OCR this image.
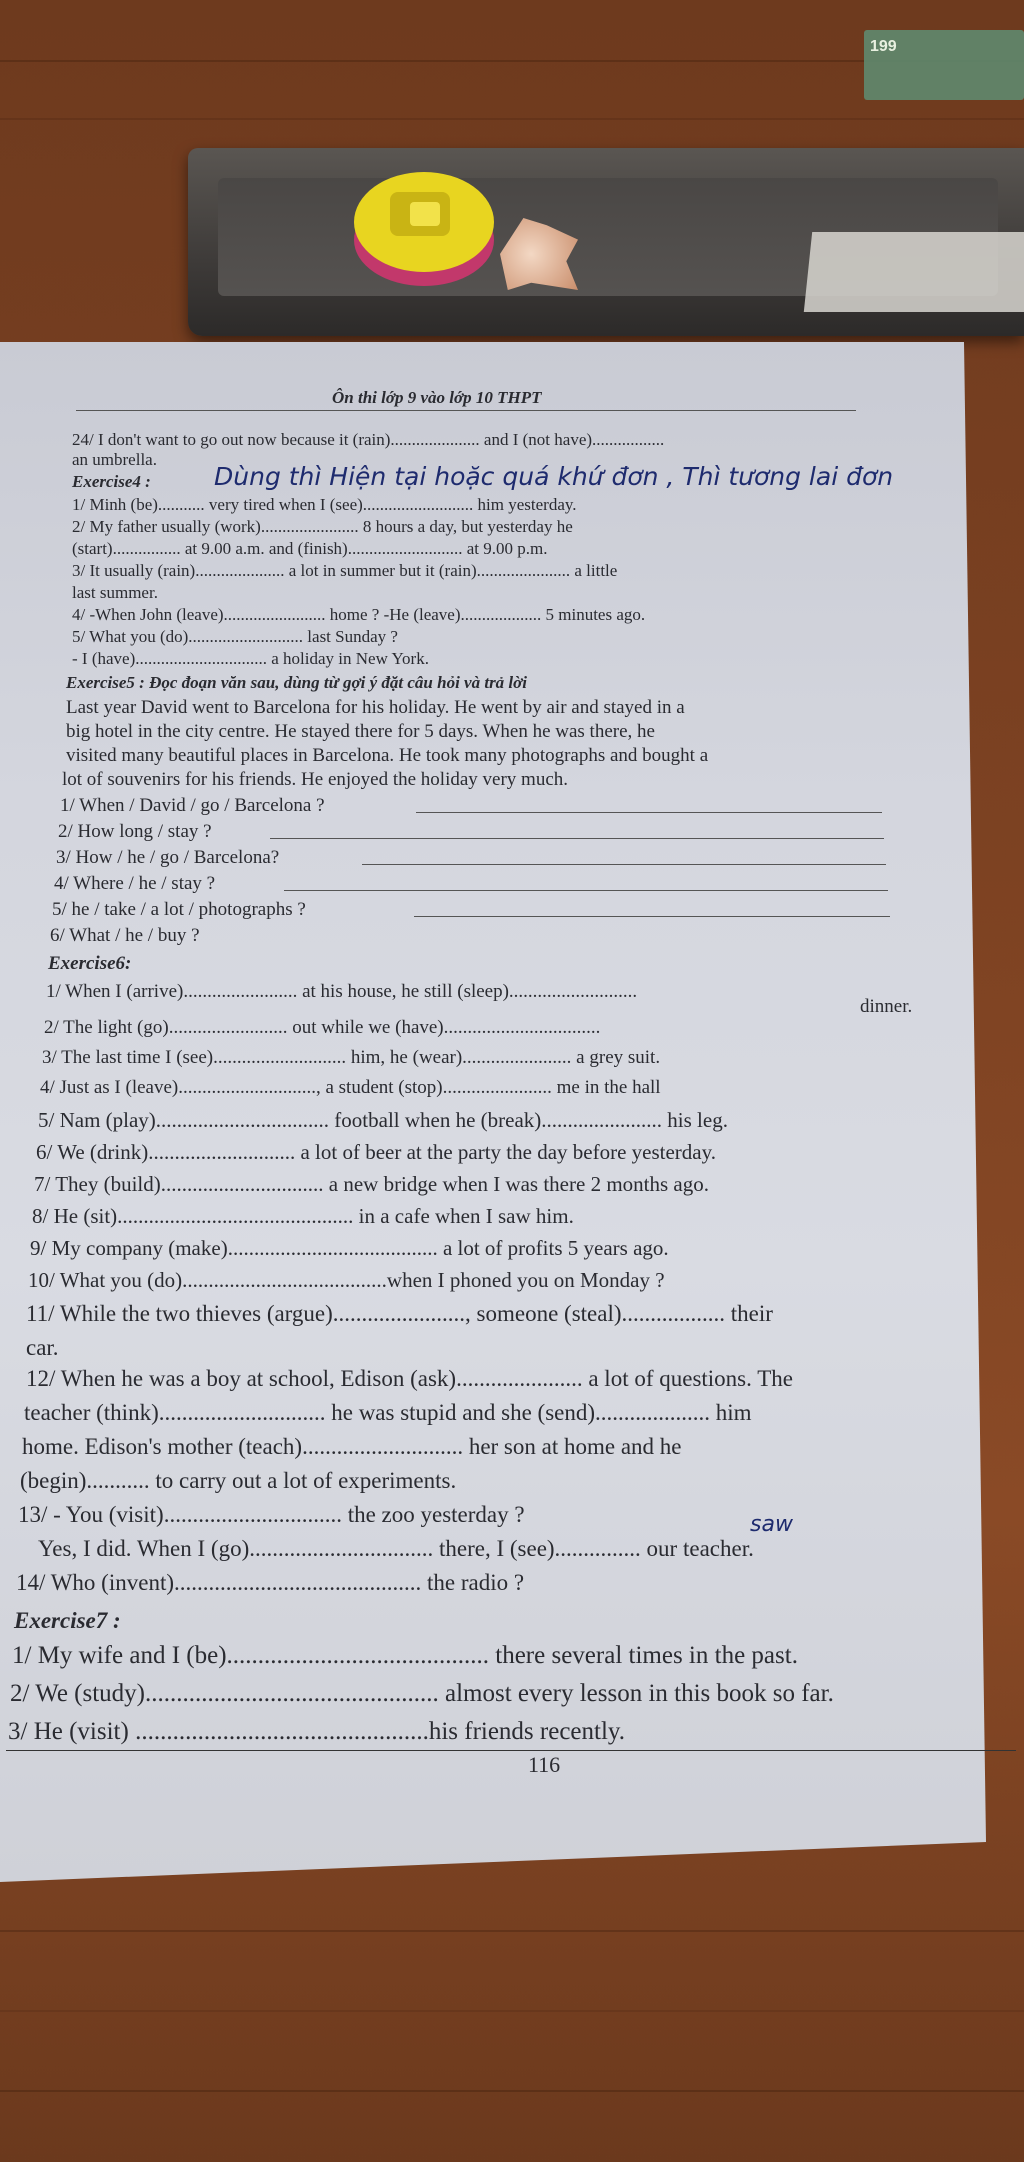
199
Ôn thi lớp 9 vào lớp 10 THPT
24/ I don't want to go out now because it (rain)..................... and I (not have).................
an umbrella.
Exercise4 :	Dùng thì Hiện tại hoặc quá khứ đơn , Thì tương lai đơn
1/ Minh (be)........... very tired when I (see).......................... him yesterday.
2/ My father usually (work)....................... 8 hours a day, but yesterday he
(start)................ at 9.00 a.m. and (finish)........................... at 9.00 p.m.
3/ It usually (rain)..................... a lot in summer but it (rain)...................... a little
last summer.
4/ -When John (leave)........................ home ? -He (leave)................... 5 minutes ago.
5/ What you (do)........................... last Sunday ?
- I (have)............................... a holiday in New York.
Exercise5 : Đọc đoạn văn sau, dùng từ gợi ý đặt câu hỏi và trả lời
Last year David went to Barcelona for his holiday. He went by air and stayed in a
big hotel in the city centre. He stayed there for 5 days. When he was there, he
visited many beautiful places in Barcelona. He took many photographs and bought a
lot of souvenirs for his friends. He enjoyed the holiday very much.
1/ When / David / go / Barcelona ?
2/ How long / stay ?
3/ How / he / go / Barcelona?
4/ Where / he / stay ?
5/ he / take / a lot / photographs ?
6/ What / he / buy ?
Exercise6:
1/ When I (arrive)........................ at his house, he still (sleep)...........................
dinner.
2/ The light (go)......................... out while we (have).................................
3/ The last time I (see)............................ him, he (wear)....................... a grey suit.
4/ Just as I (leave)............................., a student (stop)....................... me in the hall
5/ Nam (play)................................. football when he (break)....................... his leg.
6/ We (drink)............................ a lot of beer at the party the day before yesterday.
7/ They (build)............................... a new bridge when I was there 2 months ago.
8/ He (sit)............................................. in a cafe when I saw him.
9/ My company (make)........................................ a lot of profits 5 years ago.
10/ What you (do).......................................when I phoned you on Monday ?
11/ While the two thieves (argue)......................., someone (steal).................. their
car.
12/ When he was a boy at school, Edison (ask)...................... a lot of questions. The
teacher (think)............................. he was stupid and she (send).................... him
home. Edison's mother (teach)............................ her son at home and he
(begin)........... to carry out a lot of experiments.
13/ - You (visit)............................... the zoo yesterday ?
Yes, I did. When I (go)................................ there, I (see)............... our teacher.
saw
14/ Who (invent)........................................... the radio ?
Exercise7 :
1/ My wife and I (be).......................................... there several times in the past.
2/ We (study)............................................... almost every lesson in this book so far.
3/ He (visit) ...............................................his friends recently.
116
